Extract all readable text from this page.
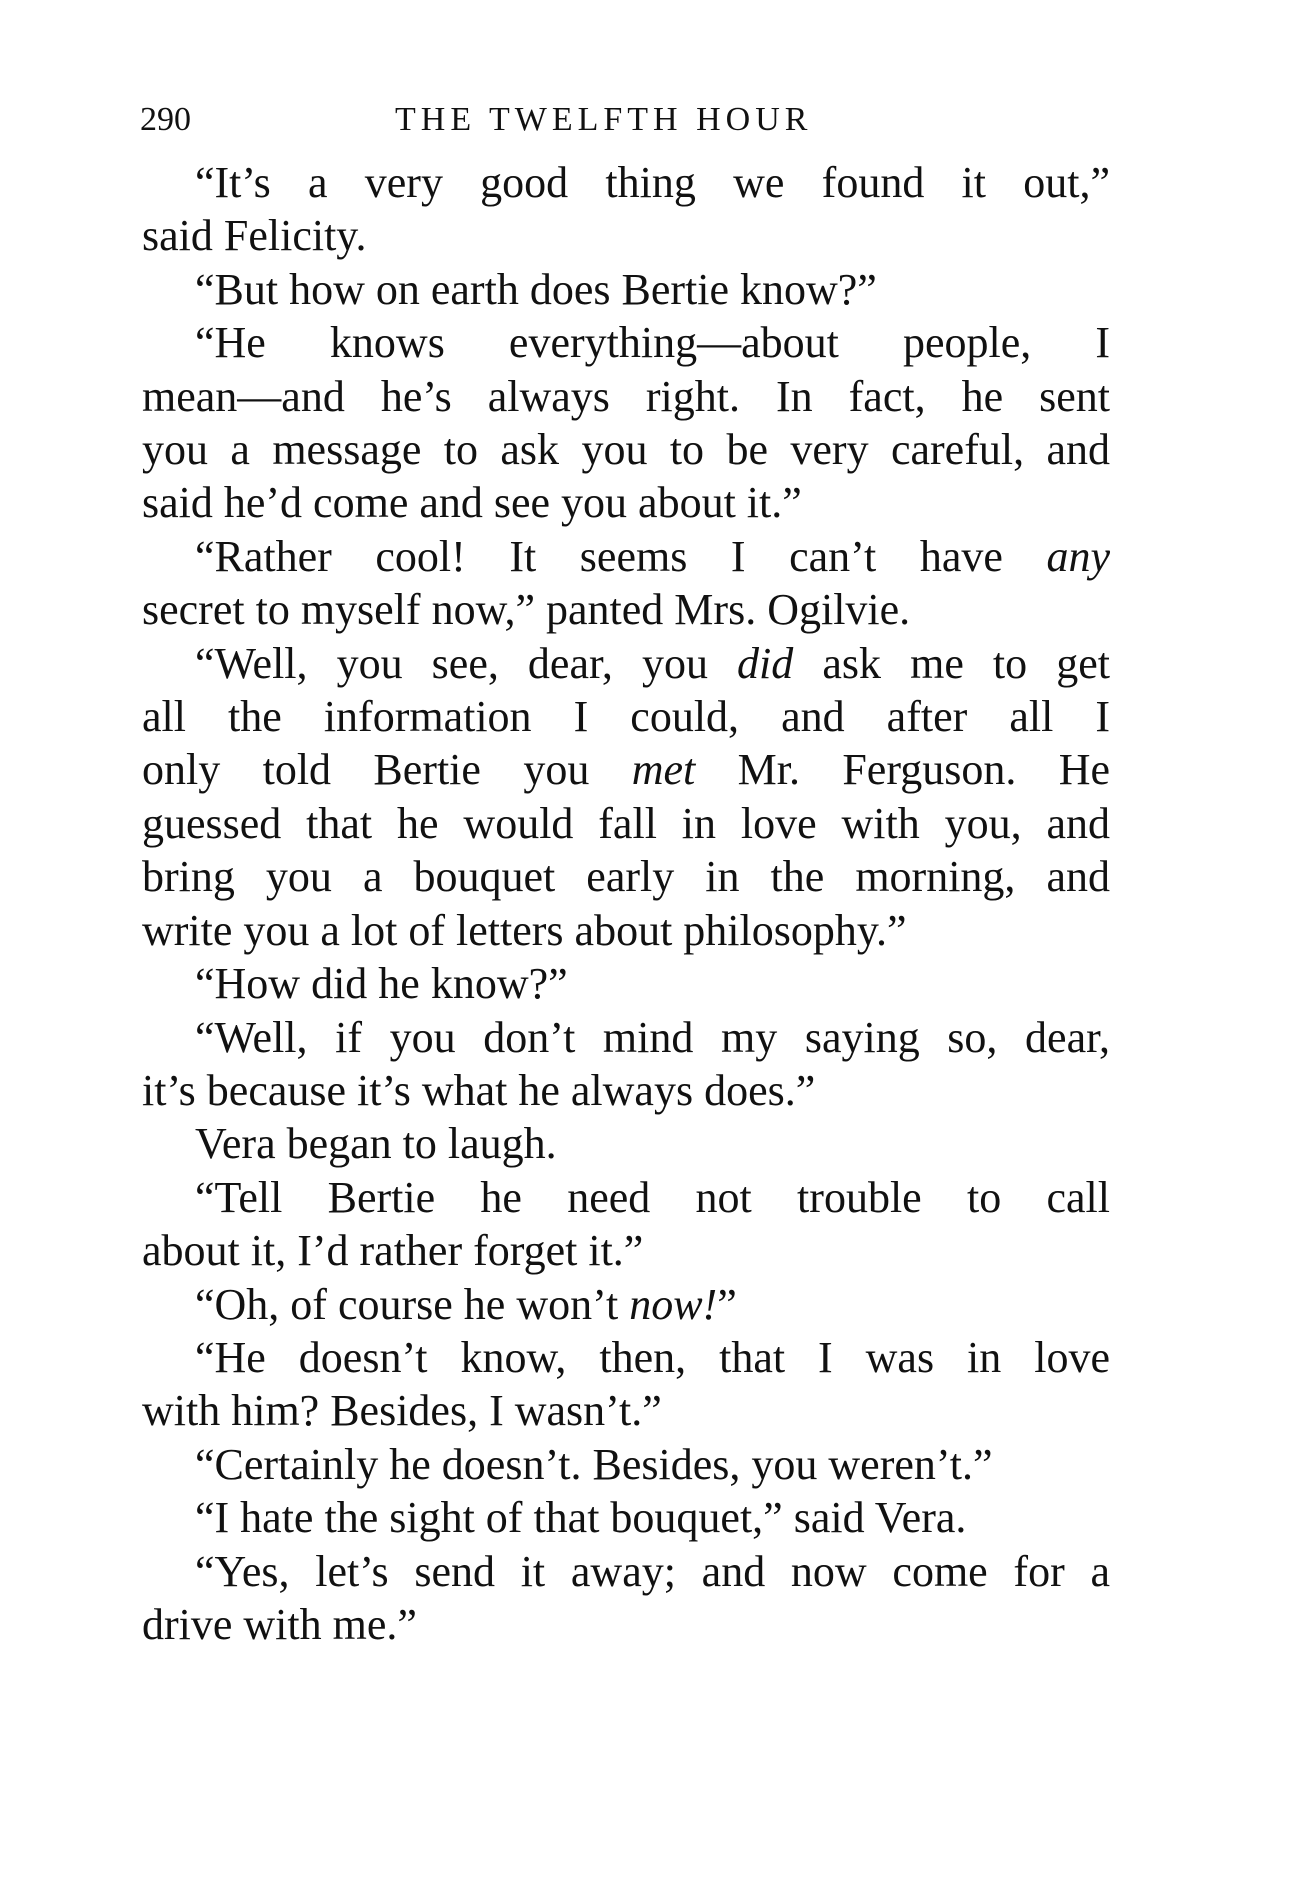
290	THE TWELFTH HOUR
“It’s a very good thing we found it out,”
said Felicity.
“But how on earth does Bertie know?”
“He knows everything—about people, I
mean—and he’s always right. In fact, he sent
you a message to ask you to be very careful, and
said he’d come and see you about it.”
“Rather cool! It seems I can’t have any
secret to myself now,” panted Mrs. Ogilvie.
“Well, you see, dear, you did ask me to get
all the information I could, and after all I
only told Bertie you met Mr. Ferguson. He
guessed that he would fall in love with you, and
bring you a bouquet early in the morning, and
write you a lot of letters about philosophy.”
“How did he know?”
“Well, if you don’t mind my saying so, dear,
it’s because it’s what he always does.”
Vera began to laugh.
“Tell Bertie he need not trouble to call
about it, I’d rather forget it.”
“Oh, of course he won’t now!”
“He doesn’t know, then, that I was in love
with him? Besides, I wasn’t.”
“Certainly he doesn’t. Besides, you weren’t.”
“I hate the sight of that bouquet,” said Vera.
“Yes, let’s send it away; and now come for a
drive with me.”
